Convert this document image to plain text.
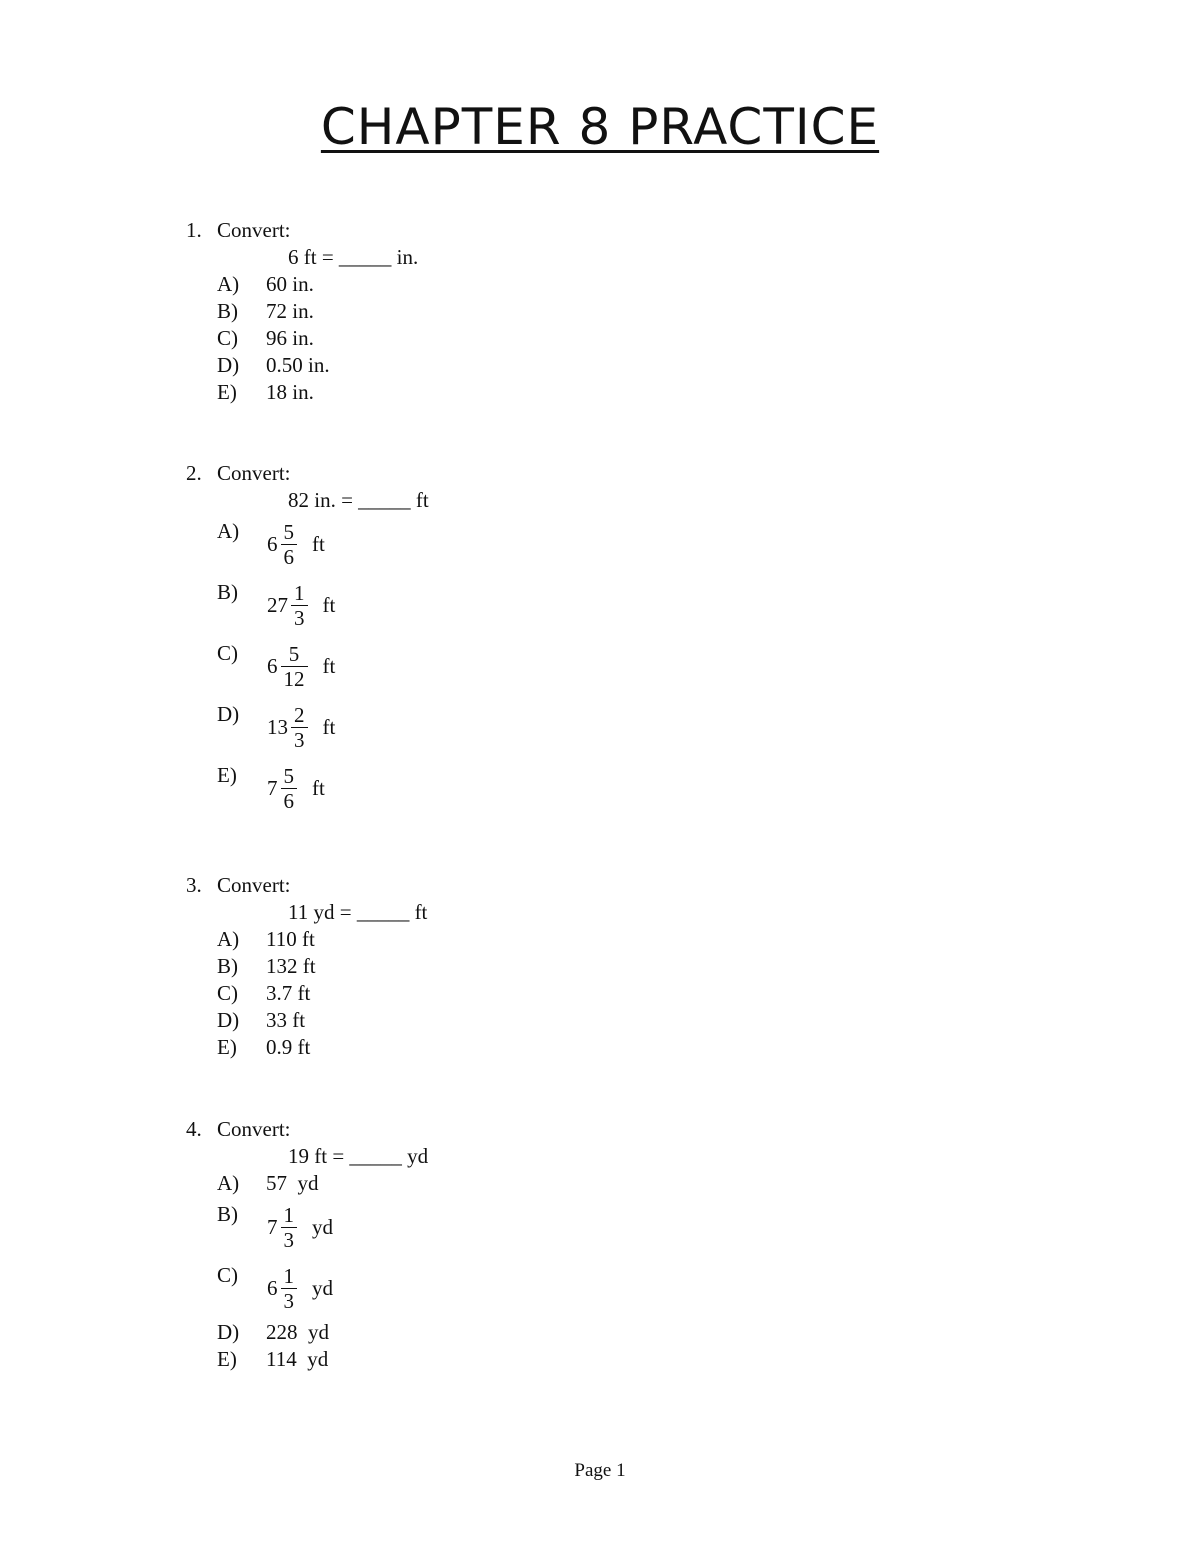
CHAPTER 8 PRACTICE
1. Convert:
6 ft = _____ in.
A) 60 in.
B) 72 in.
C) 96 in.
D) 0.50 in.
E) 18 in.
2. Convert:
82 in. = _____ ft
A)
$6 \frac{5}{6}$ ft
B)
$27 \frac{1}{3}$ ft
C)
$6 \frac{5}{12}$ ft
D)
$13 \frac{2}{3}$ ft
E)
$7 \frac{5}{6}$ ft
3. Convert:
11 yd = _____ ft
A) 110 ft
B) 132 ft
C) 3.7 ft
D) 33 ft
E) 0.9 ft
4. Convert:
19 ft = _____ yd
A) 57  yd
B)
$7 \frac{1}{3}$ yd
C)
$6 \frac{1}{3}$ yd
D) 228  yd
E) 114  yd
Page 1
